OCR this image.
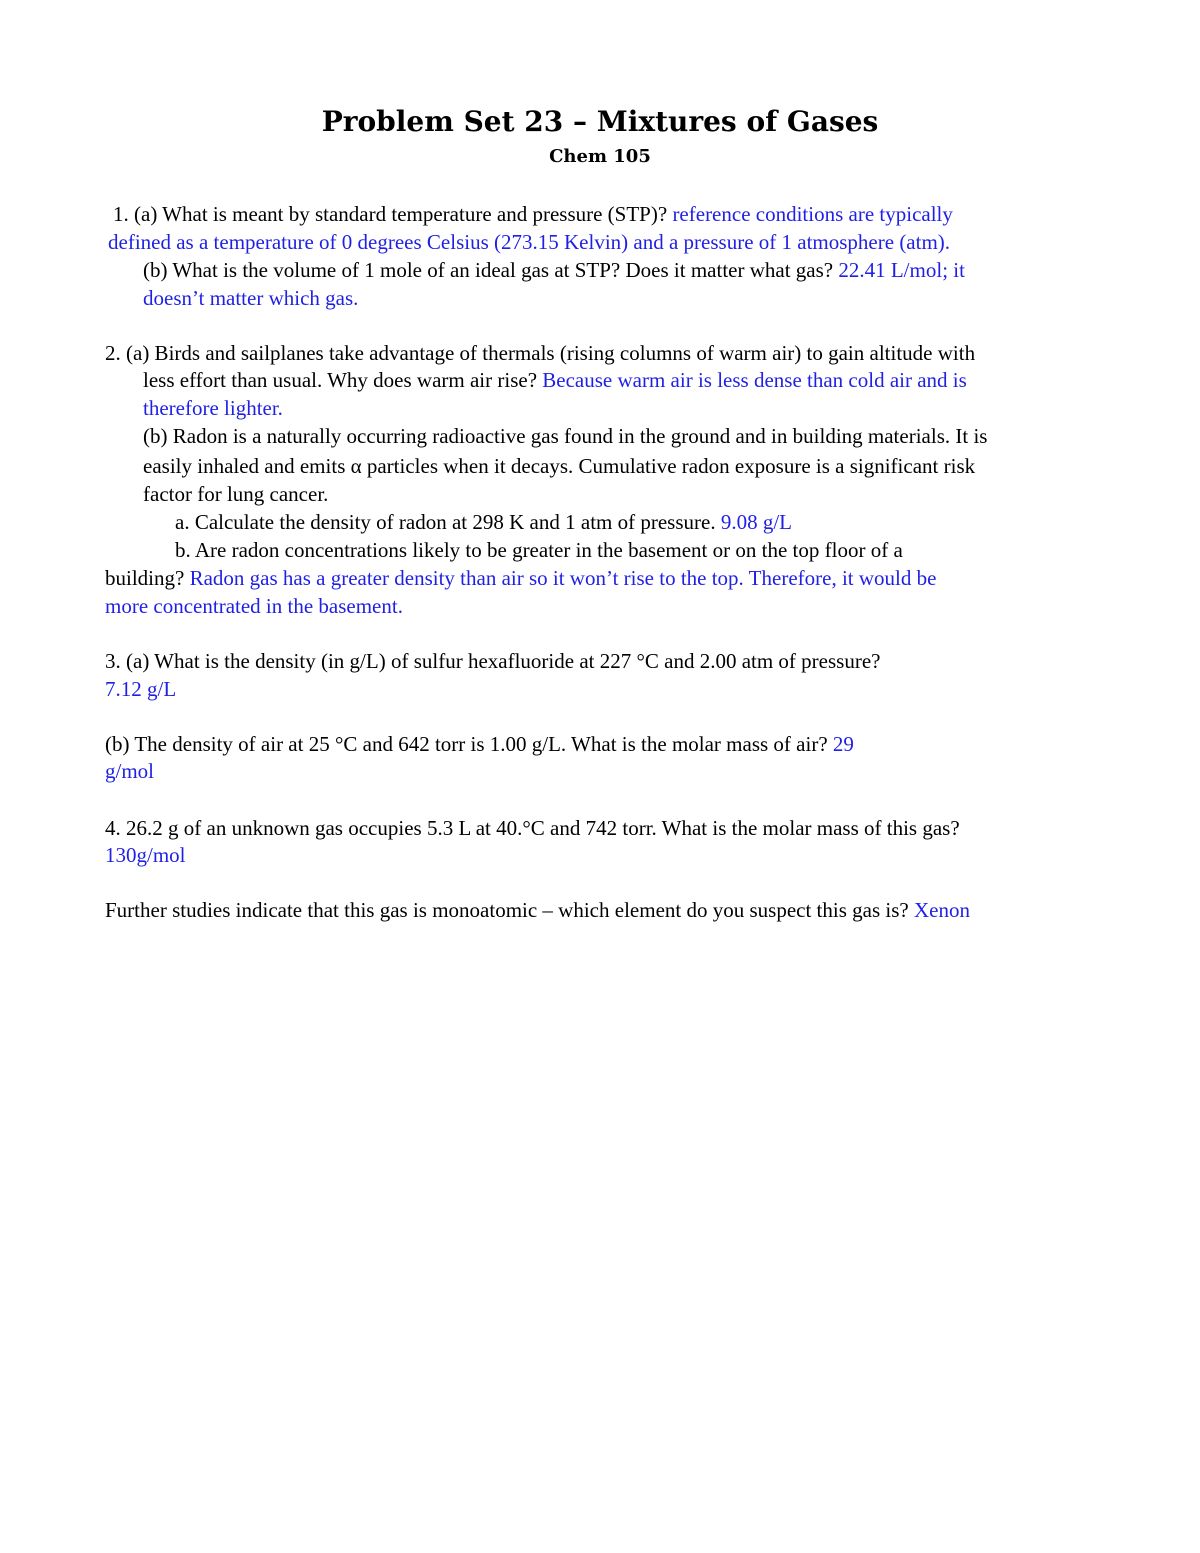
Problem Set 23 – Mixtures of Gases
Chem 105
1. (a) What is meant by standard temperature and pressure (STP)? reference conditions are typically
defined as a temperature of 0 degrees Celsius (273.15 Kelvin) and a pressure of 1 atmosphere (atm).
(b) What is the volume of 1 mole of an ideal gas at STP? Does it matter what gas? 22.41 L/mol; it
doesn’t matter which gas.
2. (a) Birds and sailplanes take advantage of thermals (rising columns of warm air) to gain altitude with
less effort than usual. Why does warm air rise? Because warm air is less dense than cold air and is
therefore lighter.
(b) Radon is a naturally occurring radioactive gas found in the ground and in building materials. It is
easily inhaled and emits α particles when it decays. Cumulative radon exposure is a significant risk
factor for lung cancer.
a. Calculate the density of radon at 298 K and 1 atm of pressure. 9.08 g/L
b. Are radon concentrations likely to be greater in the basement or on the top floor of a
building? Radon gas has a greater density than air so it won’t rise to the top. Therefore, it would be
more concentrated in the basement.
3. (a) What is the density (in g/L) of sulfur hexafluoride at 227 °C and 2.00 atm of pressure?
7.12 g/L
(b) The density of air at 25 °C and 642 torr is 1.00 g/L. What is the molar mass of air? 29
g/mol
4. 26.2 g of an unknown gas occupies 5.3 L at 40.°C and 742 torr. What is the molar mass of this gas?
130g/mol
Further studies indicate that this gas is monoatomic – which element do you suspect this gas is? Xenon
